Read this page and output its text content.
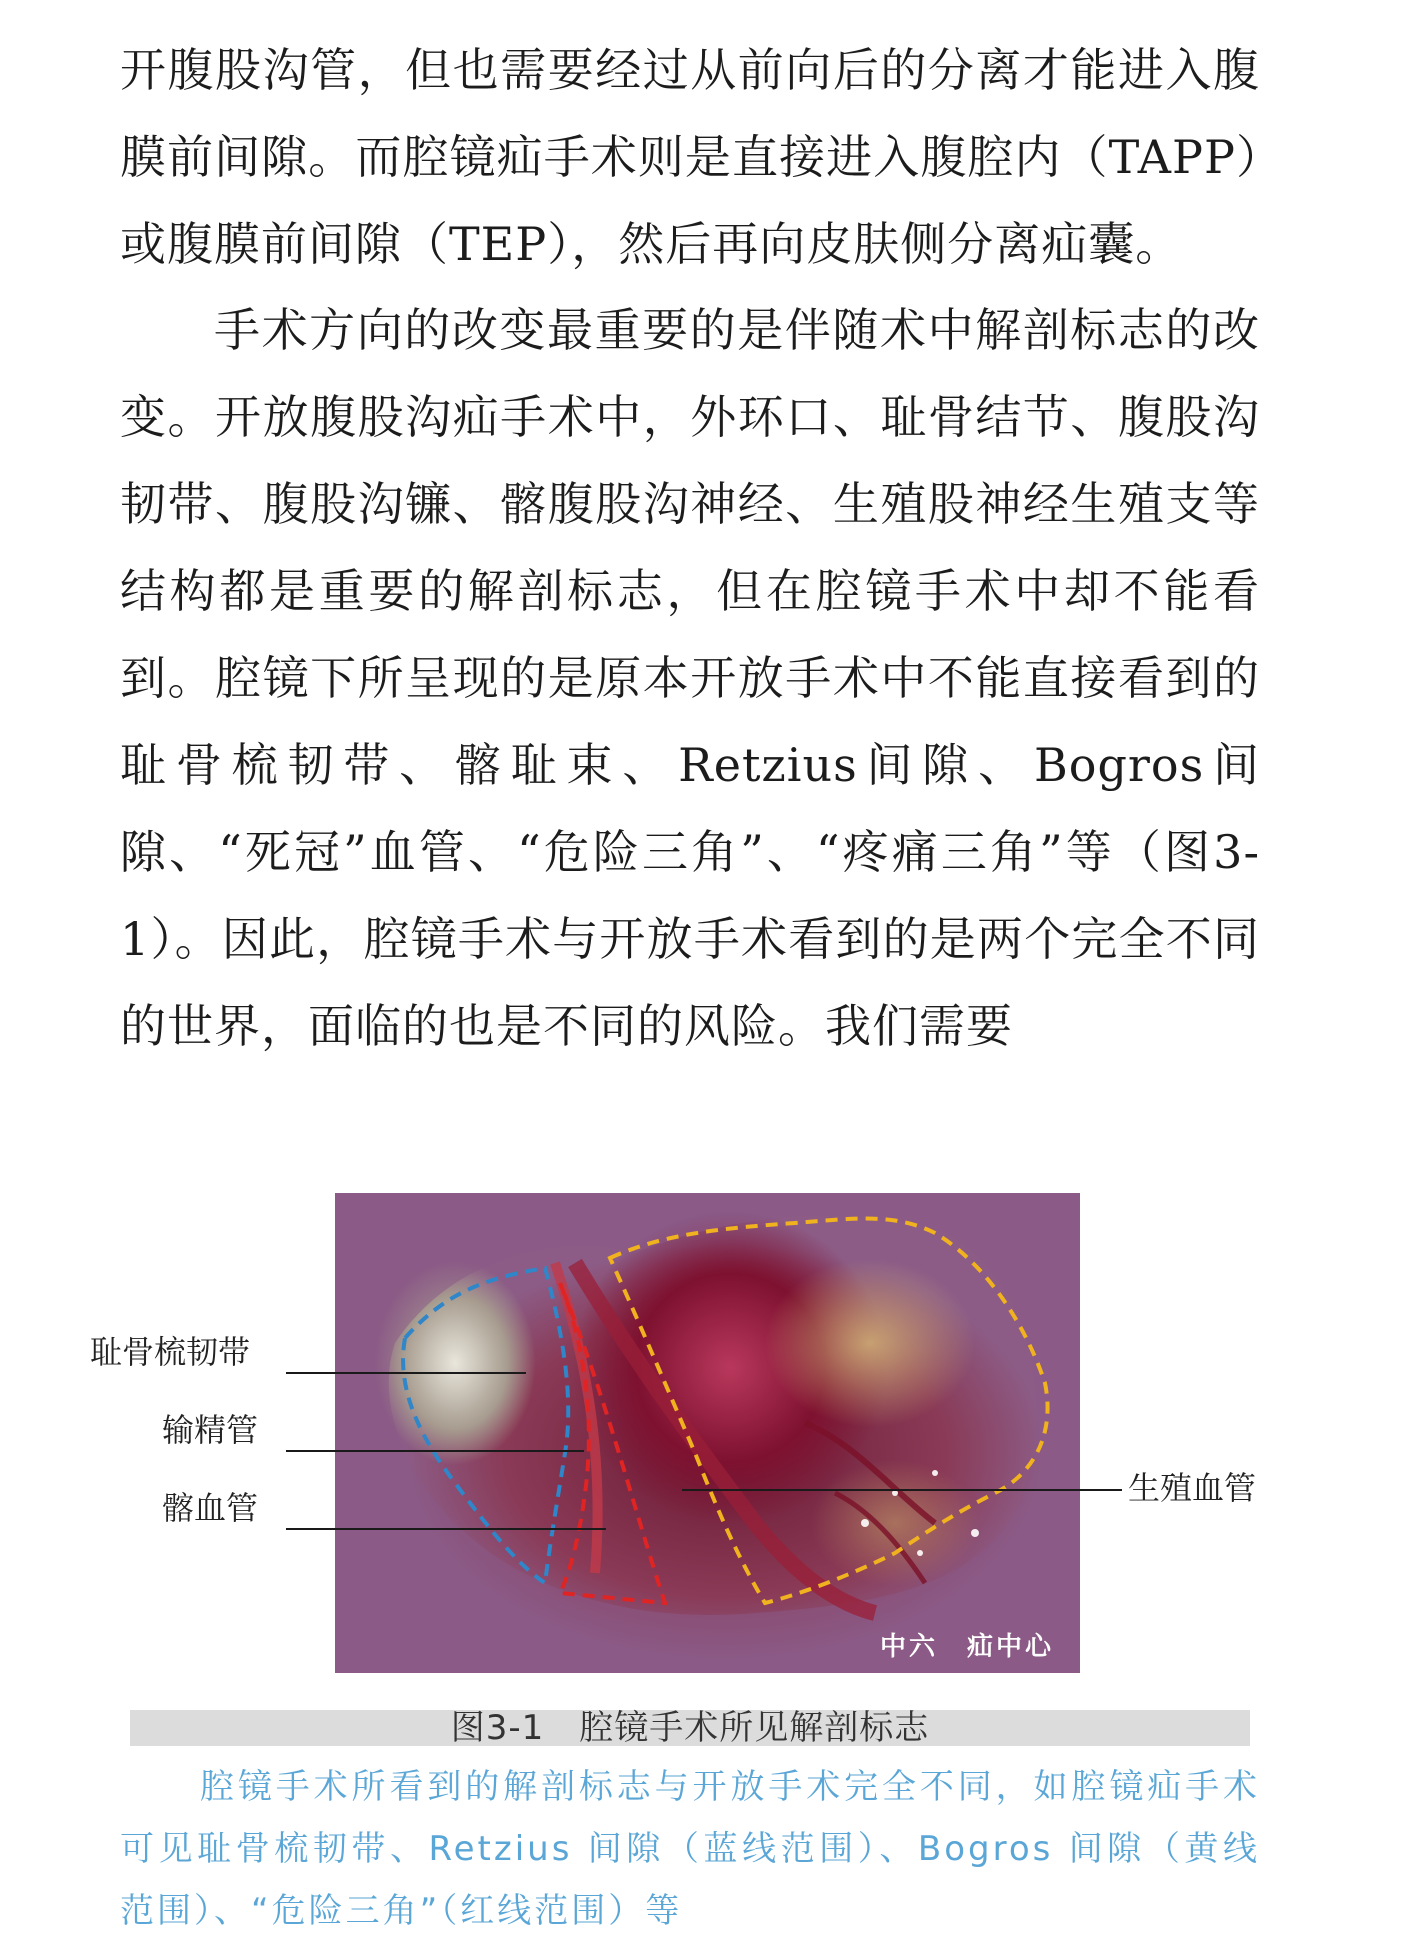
开腹股沟管，但也需要经过从前向后的分离才能进入腹膜前间隙。而腔镜疝手术则是直接进入腹腔内（TAPP）或腹膜前间隙（TEP），然后再向皮肤侧分离疝囊。

手术方向的改变最重要的是伴随术中解剖标志的改变。开放腹股沟疝手术中，外环口、耻骨结节、腹股沟韧带、腹股沟镰、髂腹股沟神经、生殖股神经生殖支等结构都是重要的解剖标志，但在腔镜手术中却不能看到。腔镜下所呈现的是原本开放手术中不能直接看到的耻骨梳韧带、髂耻束、Retzius间隙、Bogros间隙、“死冠”血管、“危险三角”、“疼痛三角”等（图3-1）。因此，腔镜手术与开放手术看到的是两个完全不同的世界，面临的也是不同的风险。我们需要

中六　疝中心
耻骨梳韧带
输精管
髂血管
生殖血管
图3-1　腔镜手术所见解剖标志

腔镜手术所看到的解剖标志与开放手术完全不同，如腔镜疝手术可见耻骨梳韧带、Retzius 间隙（蓝线范围）、Bogros 间隙（黄线范围）、“危险三角”（红线范围）等
